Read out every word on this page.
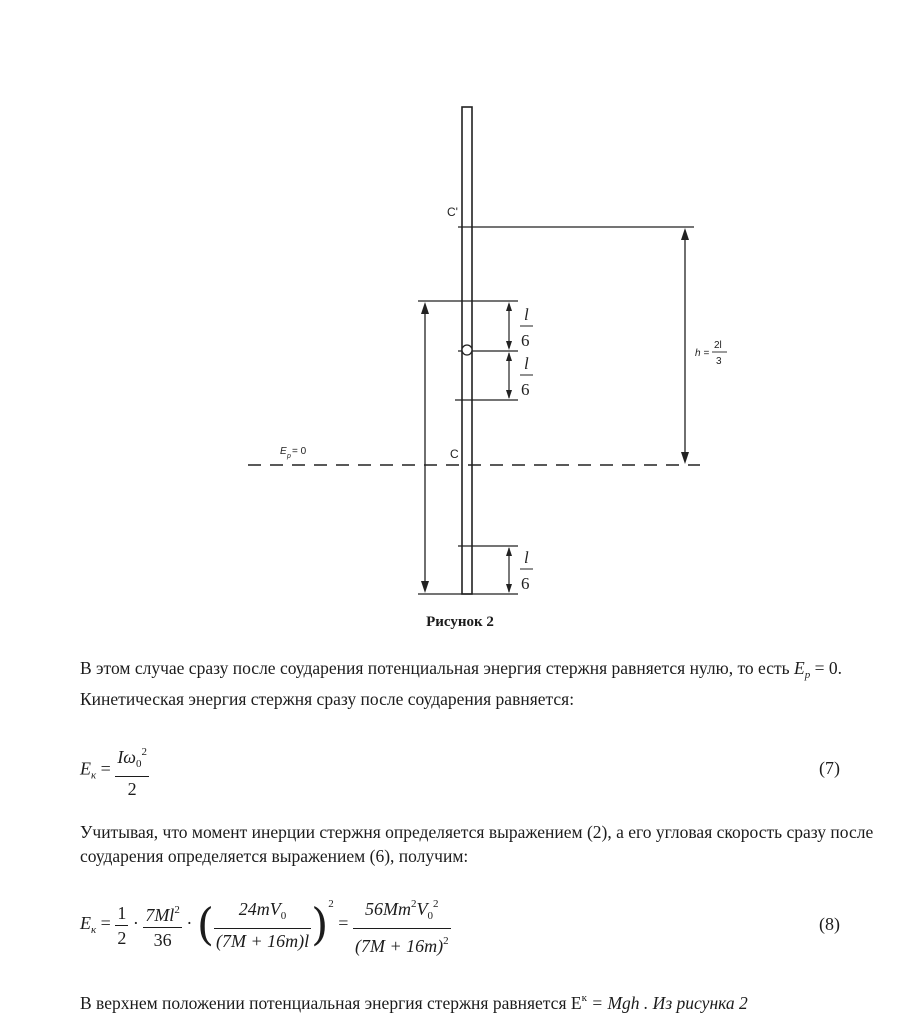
C'
C
E p = 0
l
6
l
6
l
6
h =
2l
3
Рисунок 2
В этом случае сразу после соударения потенциальная энергия стержня равняется нулю, то есть $E_p = 0$. Кинетическая энергия стержня сразу после соударения равняется:
$E_к = \frac{I\omega_0^2}{2}$	(7)
Учитывая, что момент инерции стержня определяется выражением (2), а его угловая скорость сразу после соударения определяется выражением (6), получим:
$E_к = \frac{1}{2} \cdot \frac{7Ml^2}{36}$ · ( $\frac{24mV_0}{(7M + 16m)l} )^2 = \frac{56Mm^2V_0^2}{(7M + 16m)^2}$	(8)
В верхнем положении потенциальная энергия стержня равняется $E^к$ = Mgh . Из рисунка 2
